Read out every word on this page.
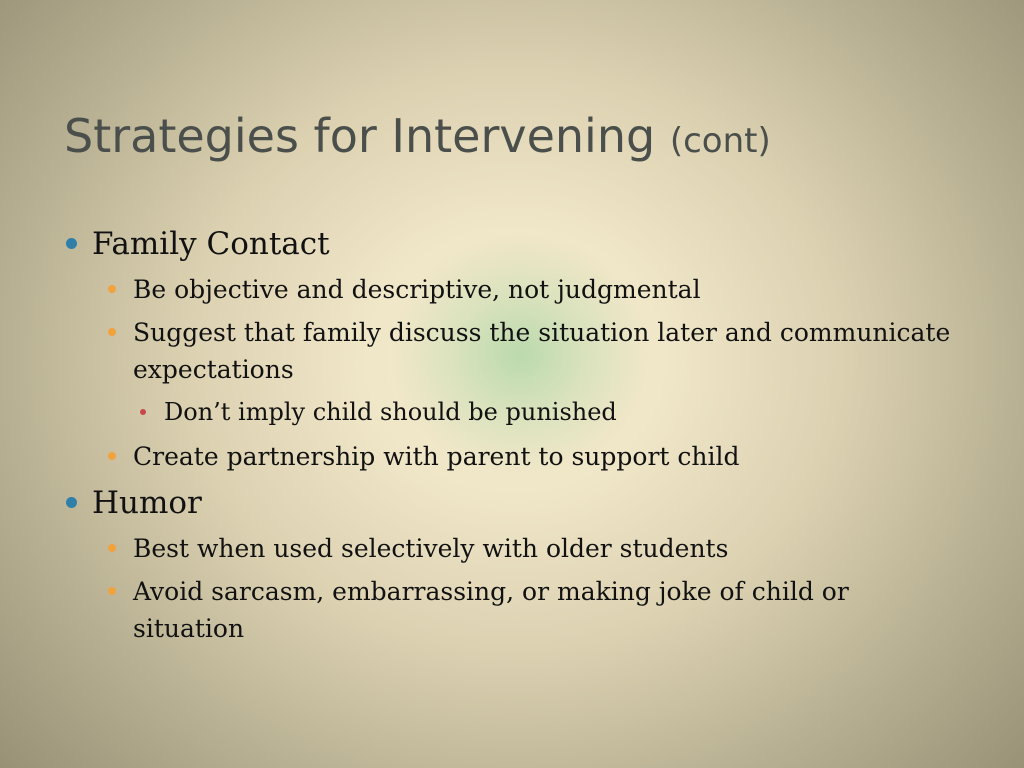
Strategies for Intervening (cont)
Family Contact
Be objective and descriptive, not judgmental
Suggest that family discuss the situation later and communicate expectations
Don’t imply child should be punished
Create partnership with parent to support child
Humor
Best when used selectively with older students
Avoid sarcasm, embarrassing, or making joke of child or situation
